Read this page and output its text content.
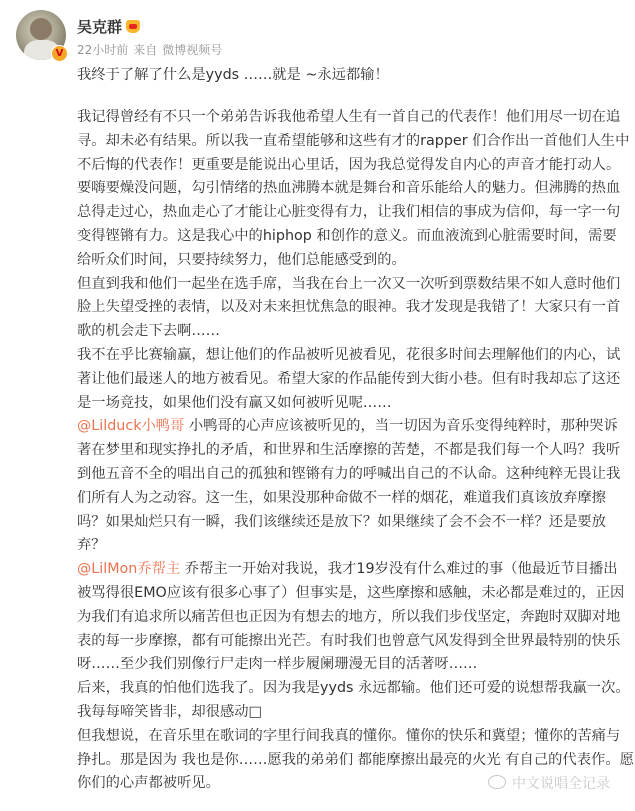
V
吴克群
22小时前 来自 微博视频号
我终于了解了什么是yyds ……就是 ~永远都输！
我记得曾经有不只一个弟弟告诉我他希望人生有一首自己的代表作！他们用尽一切在追
寻。却未必有结果。所以我一直希望能够和这些有才的rapper 们合作出一首他们人生中
不后悔的代表作！更重要是能说出心里话，因为我总觉得发自内心的声音才能打动人。
要嗨要燥没问题，勾引情绪的热血沸腾本就是舞台和音乐能给人的魅力。但沸腾的热血
总得走过心，热血走心了才能让心脏变得有力，让我们相信的事成为信仰，每一字一句
变得铿锵有力。这是我心中的hiphop 和创作的意义。而血液流到心脏需要时间，需要
给听众们时间，只要持续努力，他们总能感受到的。
但直到我和他们一起坐在选手席，当我在台上一次又一次听到票数结果不如人意时他们
脸上失望受挫的表情，以及对未来担忧焦急的眼神。我才发现是我错了！大家只有一首
歌的机会走下去啊……
我不在乎比赛输赢，想让他们的作品被听见被看见，花很多时间去理解他们的内心，试
著让他们最迷人的地方被看见。希望大家的作品能传到大街小巷。但有时我却忘了这还
是一场竞技，如果他们没有赢又如何被听见呢……
@Lilduck小鸭哥 小鸭哥的心声应该被听见的，当一切因为音乐变得纯粹时，那种哭诉
著在梦里和现实挣扎的矛盾，和世界和生活摩擦的苦楚，不都是我们每一个人吗？我听
到他五音不全的唱出自己的孤独和铿锵有力的呼喊出自己的不认命。这种纯粹无畏让我
们所有人为之动容。这一生，如果没那种命做不一样的烟花，难道我们真该放弃摩擦
吗？如果灿烂只有一瞬，我们该继续还是放下？如果继续了会不会不一样？还是要放
弃？
@LilMon乔帮主 乔帮主一开始对我说，我才19岁没有什么难过的事（他最近节目播出
被骂得很EMO应该有很多心事了）但事实是，这些摩擦和感触，未必都是难过的，正因
为我们有追求所以痛苦但也正因为有想去的地方，所以我们步伐坚定，奔跑时双脚对地
表的每一步摩擦，都有可能擦出光芒。有时我们也曾意气风发得到全世界最特别的快乐
呀……至少我们别像行尸走肉一样步履阑珊漫无目的活著呀……
后来，我真的怕他们选我了。因为我是yyds 永远都输。他们还可爱的说想帮我赢一次。
我每每啼笑皆非，却很感动□
但我想说，在音乐里在歌词的字里行间我真的懂你。懂你的快乐和冀望；懂你的苦痛与
挣扎。那是因为 我也是你……愿我的弟弟们 都能摩擦出最亮的火光 有自己的代表作。愿
你们的心声都被听见。	中文说唱全记录
